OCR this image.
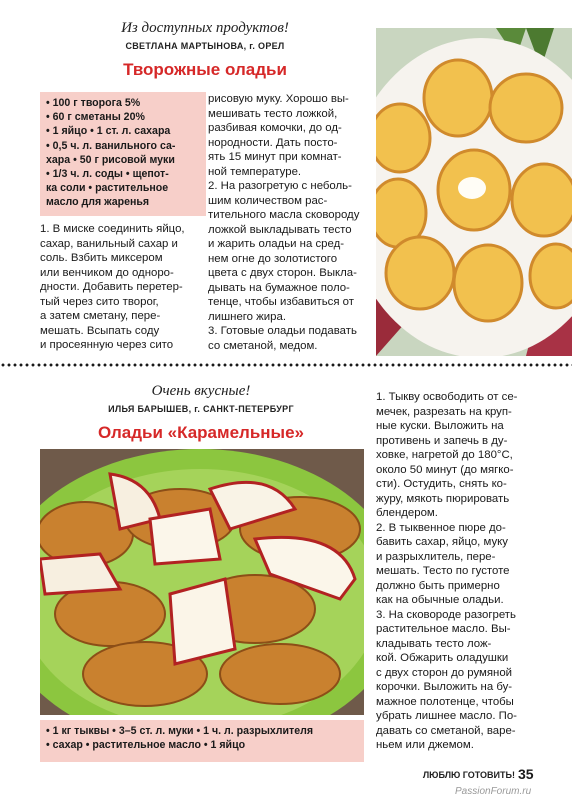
Из доступных продуктов!
СВЕТЛАНА МАРТЫНОВА, г. ОРЕЛ
Творожные оладьи

• 100 г творога 5%

• 60 г сметаны 20%

• 1 яйцо • 1 ст. л. сахара

• 0,5 ч. л. ванильного са-

хара • 50 г рисовой муки

• 1/3 ч. л. соды • щепот-

ка соли • растительное

масло для жаренья

1. В миске соединить яйцо,

сахар, ванильный сахар и

соль. Взбить миксером

или венчиком до одноро-

дности. Добавить перетер-

тый через сито творог,

а затем сметану, пере-

мешать. Всыпать соду

и просеянную через сито

рисовую муку. Хорошо вы-

мешивать тесто ложкой,

разбивая комочки, до од-

нородности. Дать посто-

ять 15 минут при комнат-

ной температуре.

2. На разогретую с неболь-

шим количеством рас-

тительного масла сковороду

ложкой выкладывать тесто

и жарить оладьи на сред-

нем огне до золотистого

цвета с двух сторон. Выкла-

дывать на бумажное поло-

тенце, чтобы избавиться от

лишнего жира.

3. Готовые оладьи подавать

со сметаной, медом.

Очень вкусные!
ИЛЬЯ БАРЫШЕВ, г. САНКТ-ПЕТЕРБУРГ
Оладьи «Карамельные»

• 1 кг тыквы • 3–5 ст. л. муки • 1 ч. л. разрыхлителя

• сахар • растительное масло • 1 яйцо

1. Тыкву освободить от се-

мечек, разрезать на круп-

ные куски. Выложить на

противень и запечь в ду-

ховке, нагретой до 180°С,

около 50 минут (до мягко-

сти). Остудить, снять ко-

журу, мякоть пюрировать

блендером.

2. В тыквенное пюре до-

бавить сахар, яйцо, муку

и разрыхлитель, пере-

мешать. Тесто по густоте

должно быть примерно

как на обычные оладьи.

3. На сковороде разогреть

растительное масло. Вы-

кладывать тесто лож-

кой. Обжарить оладушки

с двух сторон до румяной

корочки. Выложить на бу-

мажное полотенце, чтобы

убрать лишнее масло. По-

давать со сметаной, варе-

ньем или джемом.

ЛЮБЛЮ ГОТОВИТЬ! 35
PassionForum.ru
